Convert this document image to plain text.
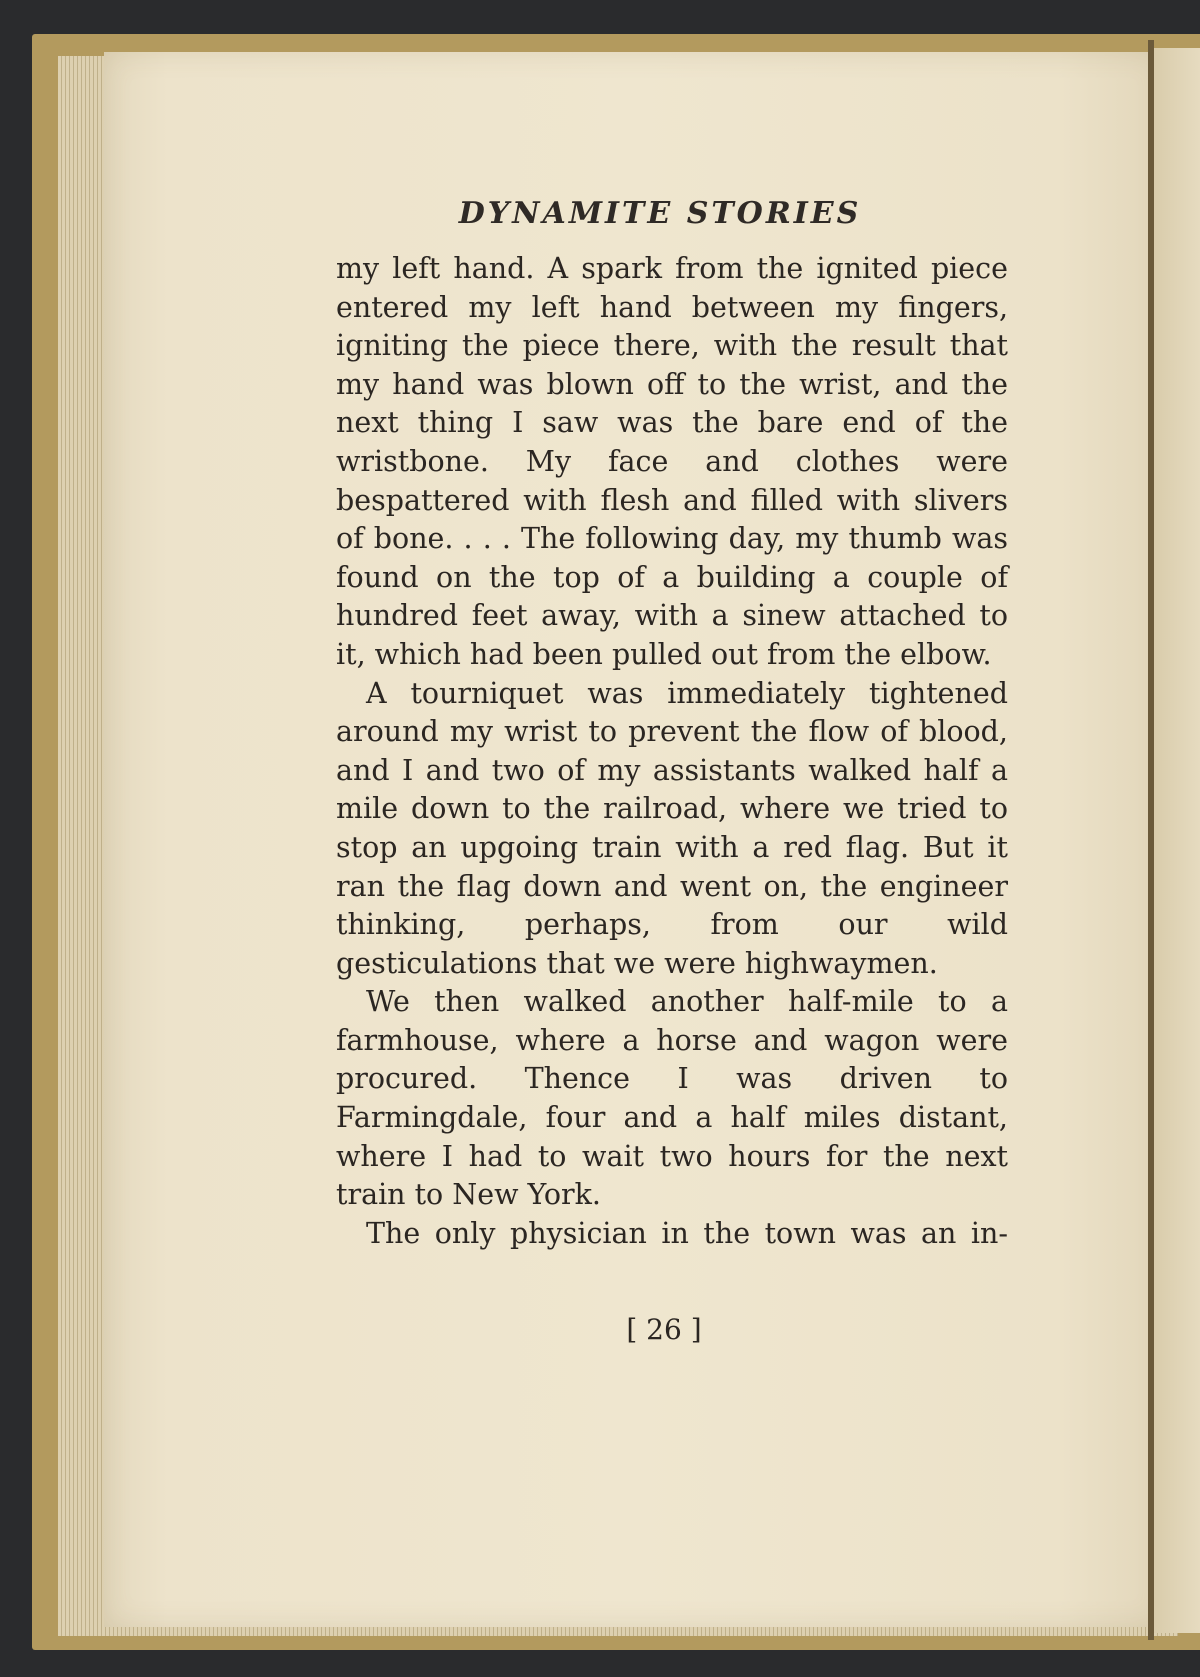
DYNAMITE STORIES

my left hand. A spark from the ignited piece entered my left hand between my fingers, igniting the piece there, with the result that my hand was blown off to the wrist, and the next thing I saw was the bare end of the wristbone. My face and clothes were bespattered with flesh and filled with slivers of bone. . . . The following day, my thumb was found on the top of a building a couple of hundred feet away, with a sinew attached to it, which had been pulled out from the elbow.

A tourniquet was immediately tightened around my wrist to prevent the flow of blood, and I and two of my assistants walked half a mile down to the railroad, where we tried to stop an upgoing train with a red flag. But it ran the flag down and went on, the engineer thinking, perhaps, from our wild gesticulations that we were highwaymen.

We then walked another half-mile to a farmhouse, where a horse and wagon were procured. Thence I was driven to Farmingdale, four and a half miles distant, where I had to wait two hours for the next train to New York.

The only physician in the town was an in-

[ 26 ]
